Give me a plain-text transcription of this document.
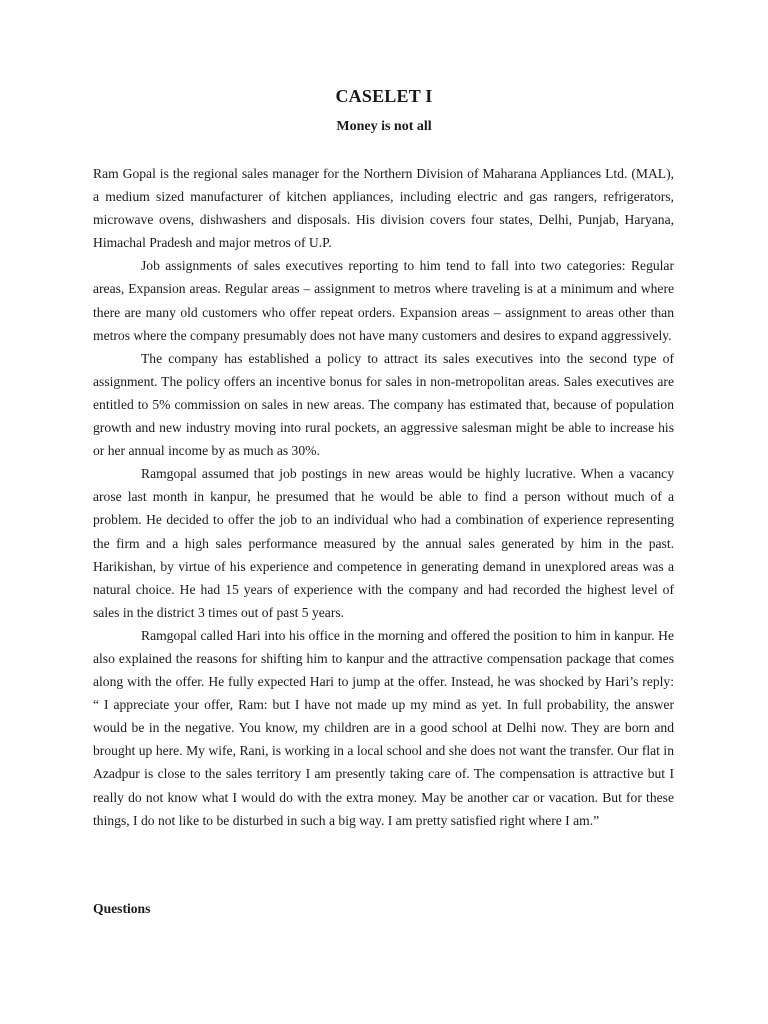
CASELET I
Money is not all

Ram Gopal is the regional sales manager for the Northern Division of Maharana Appliances Ltd. (MAL), a medium sized manufacturer of kitchen appliances, including electric and gas rangers, refrigerators, microwave ovens, dishwashers and disposals. His division covers four states, Delhi, Punjab, Haryana, Himachal Pradesh and major metros of U.P.

Job assignments of sales executives reporting to him tend to fall into two categories: Regular areas, Expansion areas. Regular areas – assignment to metros where traveling is at a minimum and where there are many old customers who offer repeat orders. Expansion areas – assignment to areas other than metros where the company presumably does not have many customers and desires to expand aggressively.

The company has established a policy to attract its sales executives into the second type of assignment. The policy offers an incentive bonus for sales in non-metropolitan areas. Sales executives are entitled to 5% commission on sales in new areas. The company has estimated that, because of population growth and new industry moving into rural pockets, an aggressive salesman might be able to increase his or her annual income by as much as 30%.

Ramgopal assumed that job postings in new areas would be highly lucrative. When a vacancy arose last month in kanpur, he presumed that he would be able to find a person without much of a problem. He decided to offer the job to an individual who had a combination of experience representing the firm and a high sales performance measured by the annual sales generated by him in the past. Harikishan, by virtue of his experience and competence in generating demand in unexplored areas was a natural choice. He had 15 years of experience with the company and had recorded the highest level of sales in the district 3 times out of past 5 years.

Ramgopal called Hari into his office in the morning and offered the position to him in kanpur. He also explained the reasons for shifting him to kanpur and the attractive compensation package that comes along with the offer. He fully expected Hari to jump at the offer. Instead, he was shocked by Hari’s reply: “ I appreciate your offer, Ram: but I have not made up my mind as yet. In full probability, the answer would be in the negative. You know, my children are in a good school at Delhi now. They are born and brought up here. My wife, Rani, is working in a local school and she does not want the transfer. Our flat in Azadpur is close to the sales territory I am presently taking care of. The compensation is attractive but I really do not know what I would do with the extra money. May be another car or vacation. But for these things, I do not like to be disturbed in such a big way. I am pretty satisfied right where I am.”

Questions
